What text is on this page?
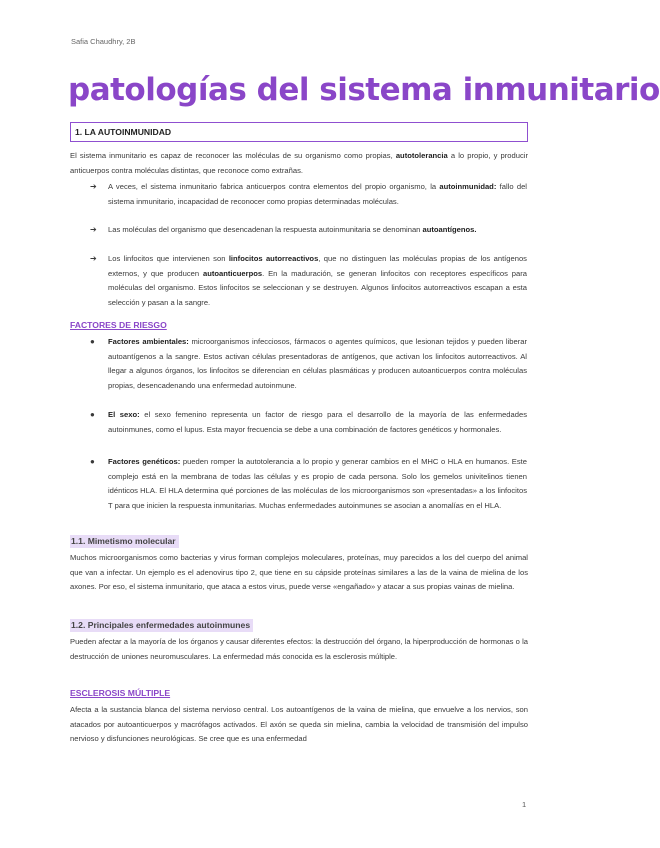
Safia Chaudhry, 2B
patologías del sistema inmunitario
1. LA AUTOINMUNIDAD
El sistema inmunitario es capaz de reconocer las moléculas de su organismo como propias, autotolerancia a lo propio, y producir anticuerpos contra moléculas distintas, que reconoce como extrañas.
➔ A veces, el sistema inmunitario fabrica anticuerpos contra elementos del propio organismo, la autoinmunidad: fallo del sistema inmunitario, incapacidad de reconocer como propias determinadas moléculas.
➔ Las moléculas del organismo que desencadenan la respuesta autoinmunitaria se denominan autoantígenos.
➔ Los linfocitos que intervienen son linfocitos autorreactivos, que no distinguen las moléculas propias de los antígenos externos, y que producen autoanticuerpos. En la maduración, se generan linfocitos con receptores específicos para moléculas del organismo. Estos linfocitos se seleccionan y se destruyen. Algunos linfocitos autorreactivos escapan a esta selección y pasan a la sangre.
FACTORES DE RIESGO
● Factores ambientales: microorganismos infecciosos, fármacos o agentes químicos, que lesionan tejidos y pueden liberar autoantígenos a la sangre. Estos activan células presentadoras de antígenos, que activan los linfocitos autorreactivos. Al llegar a algunos órganos, los linfocitos se diferencian en células plasmáticas y producen autoanticuerpos contra moléculas propias, desencadenando una enfermedad autoinmune.
● El sexo: el sexo femenino representa un factor de riesgo para el desarrollo de la mayoría de las enfermedades autoinmunes, como el lupus. Esta mayor frecuencia se debe a una combinación de factores genéticos y hormonales.
● Factores genéticos: pueden romper la autotolerancia a lo propio y generar cambios en el MHC o HLA en humanos. Este complejo está en la membrana de todas las células y es propio de cada persona. Solo los gemelos univitelinos tienen idénticos HLA. El HLA determina qué porciones de las moléculas de los microorganismos son «presentadas» a los linfocitos T para que inicien la respuesta inmunitarias. Muchas enfermedades autoinmunes se asocian a anomalías en el HLA.
1.1. Mimetismo molecular
Muchos microorganismos como bacterias y virus forman complejos moleculares, proteínas, muy parecidos a los del cuerpo del animal que van a infectar. Un ejemplo es el adenovirus tipo 2, que tiene en su cápside proteínas similares a las de la vaina de mielina de los axones. Por eso, el sistema inmunitario, que ataca a estos virus, puede verse «engañado» y atacar a sus propias vainas de mielina.
1.2. Principales enfermedades autoinmunes
Pueden afectar a la mayoría de los órganos y causar diferentes efectos: la destrucción del órgano, la hiperproducción de hormonas o la destrucción de uniones neuromusculares. La enfermedad más conocida es la esclerosis múltiple.
ESCLEROSIS MÚLTIPLE
Afecta a la sustancia blanca del sistema nervioso central. Los autoantígenos de la vaina de mielina, que envuelve a los nervios, son atacados por autoanticuerpos y macrófagos activados. El axón se queda sin mielina, cambia la velocidad de transmisión del impulso nervioso y disfunciones neurológicas. Se cree que es una enfermedad
1
